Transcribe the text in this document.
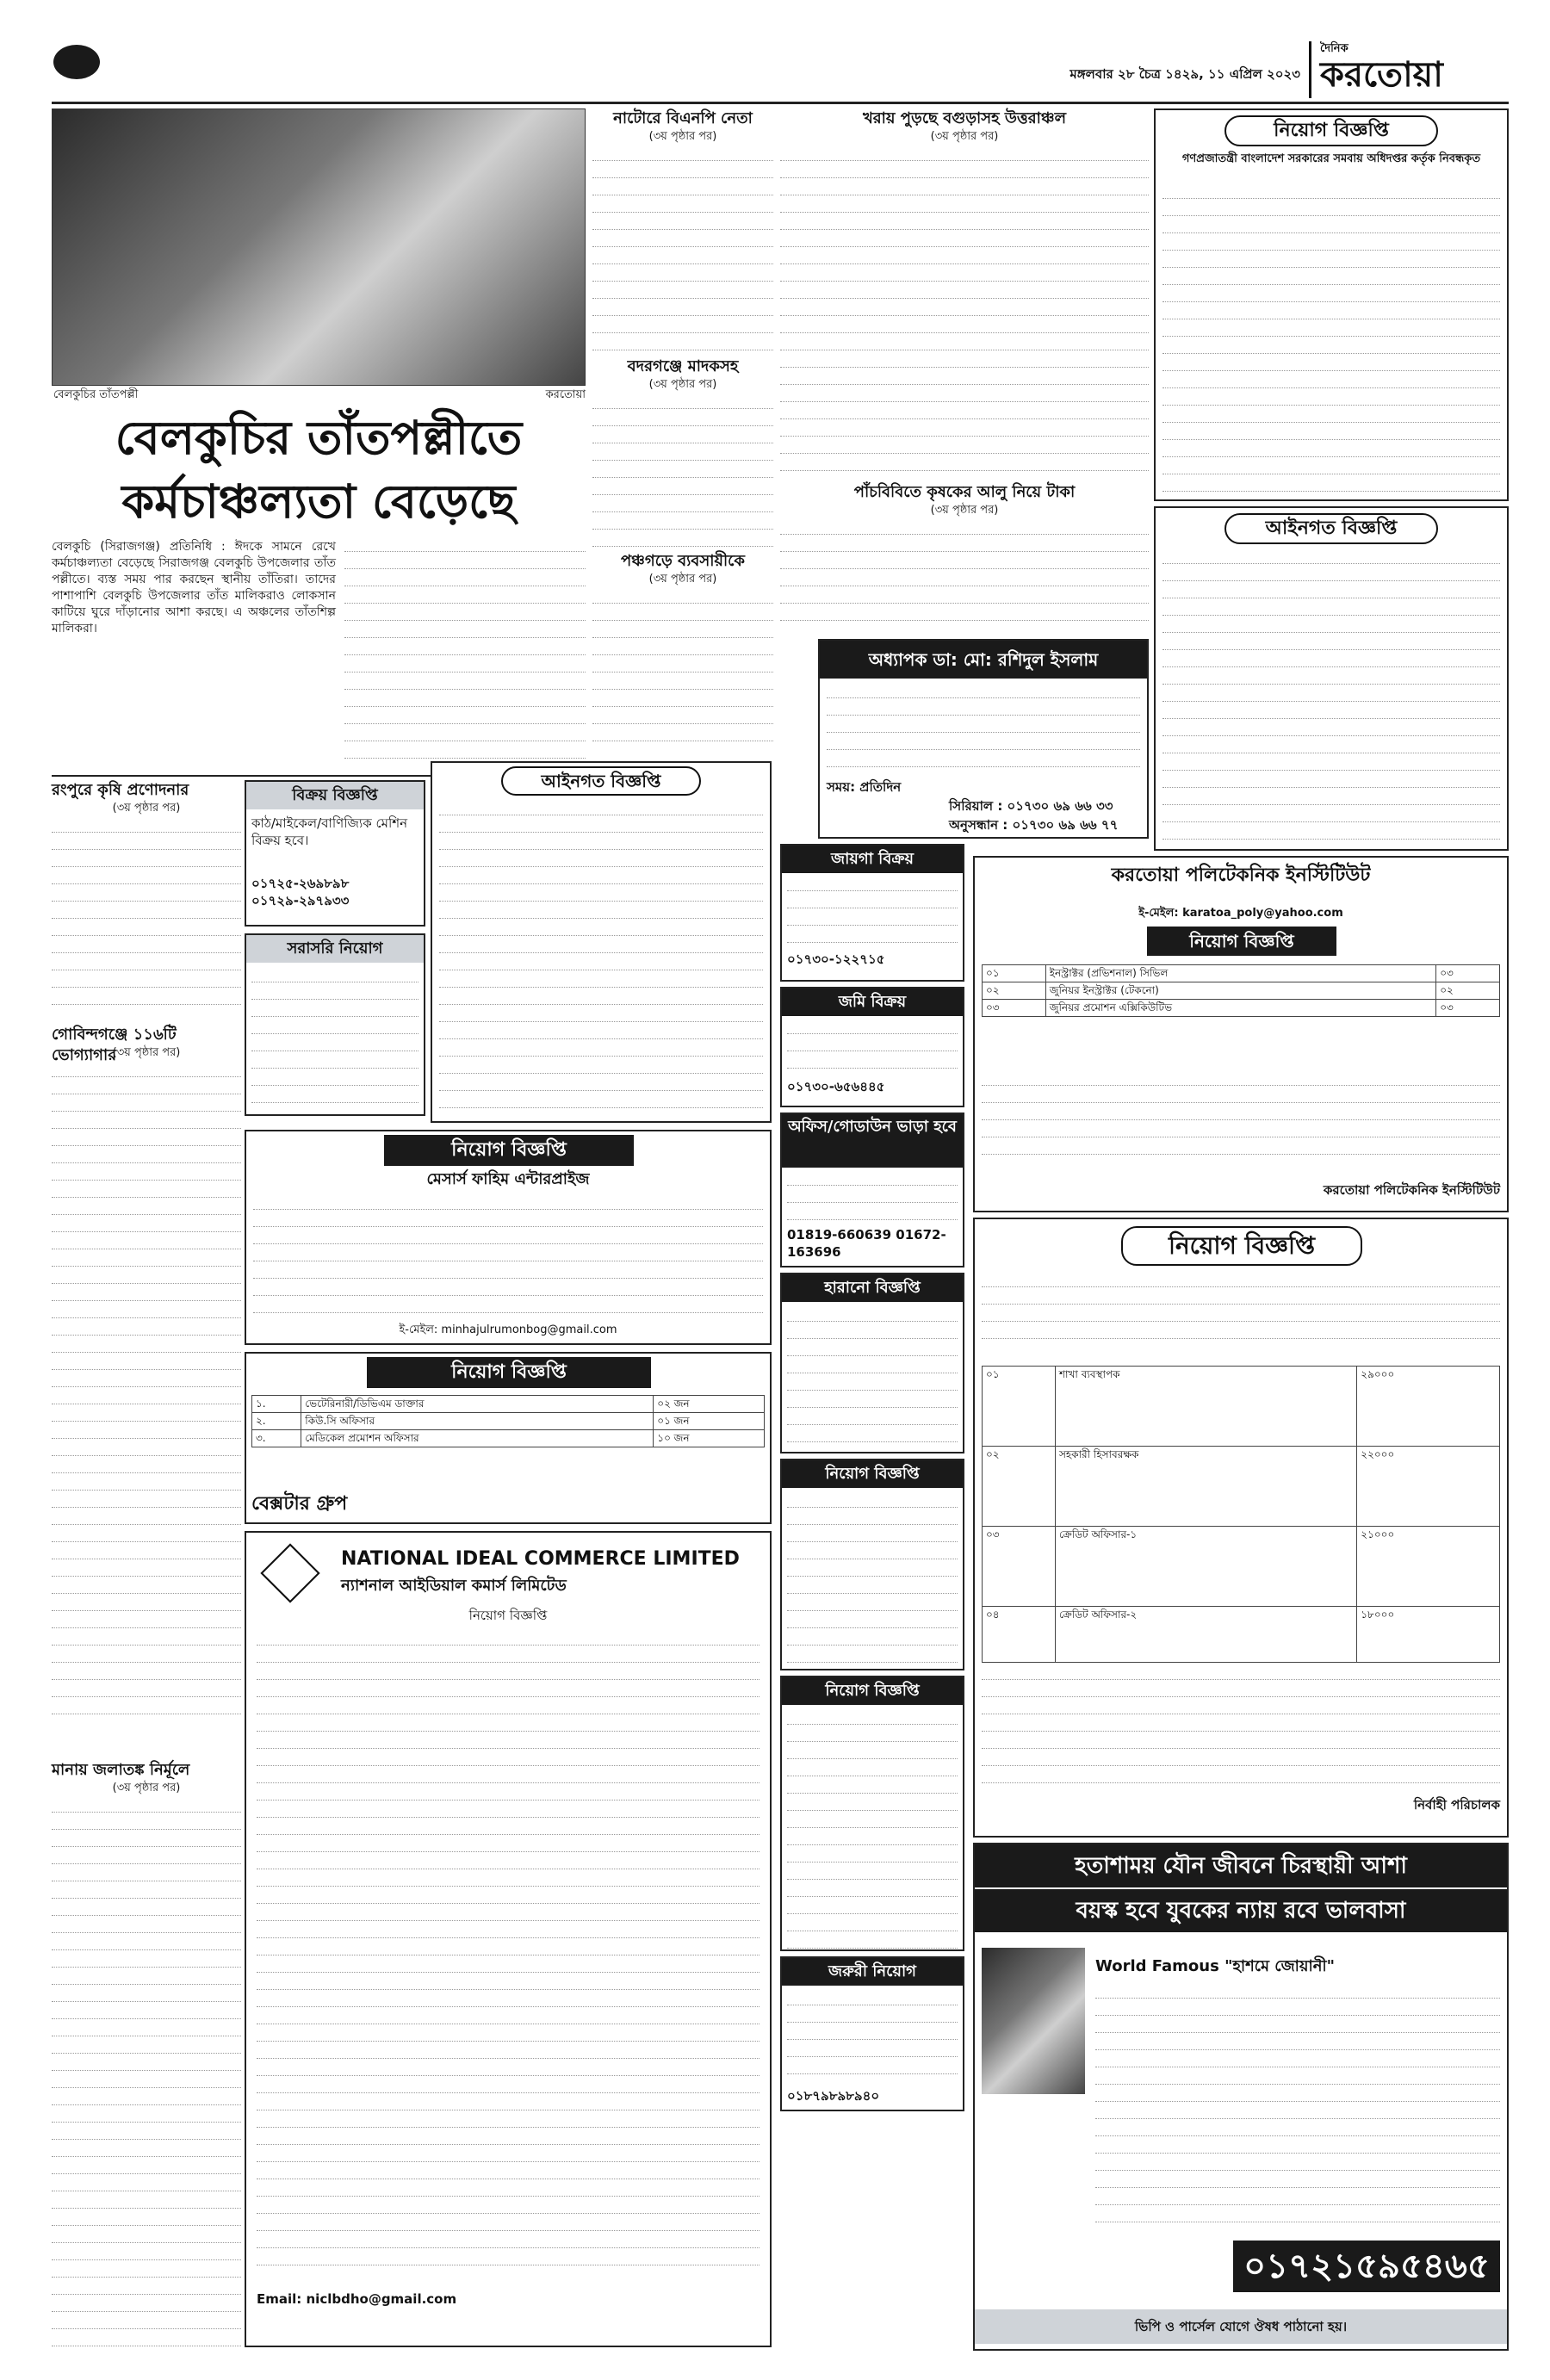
মঙ্গলবার ২৮ চৈত্র ১৪২৯, ১১ এপ্রিল ২০২৩
দৈনিক
করতোয়া
বেলকুচির তাঁতপল্লী	করতোয়া
বেলকুচির তাঁতপল্লীতে
কর্মচাঞ্চল্যতা বেড়েছে
বেলকুচি (সিরাজগঞ্জ) প্রতিনিধি : ঈদকে সামনে রেখে কর্মচাঞ্চল্যতা বেড়েছে সিরাজগঞ্জ বেলকুচি উপজেলার তাঁত পল্লীতে। ব্যস্ত সময় পার করছেন স্থানীয় তাঁতিরা। তাদের পাশাপাশি বেলকুচি উপজেলার তাঁত মালিকরাও লোকসান কাটিয়ে ঘুরে দাঁড়ানোর আশা করছে। এ অঞ্চলের তাঁতশিল্প মালিকরা।
রংপুরে কৃষি প্রণোদনার
(৩য় পৃষ্ঠার পর)
গোবিন্দগঞ্জে ১১৬টি ভোগ্যাগার
(৩য় পৃষ্ঠার পর)
মানায় জলাতঙ্ক নির্মূলে
(৩য় পৃষ্ঠার পর)
নাটোরে বিএনপি নেতা
(৩য় পৃষ্ঠার পর)
বদরগঞ্জে মাদকসহ
(৩য় পৃষ্ঠার পর)
পঞ্চগড়ে ব্যবসায়ীকে
(৩য় পৃষ্ঠার পর)
খরায় পুড়ছে বগুড়াসহ উত্তরাঞ্চল
(৩য় পৃষ্ঠার পর)
পাঁচবিবিতে কৃষকের আলু নিয়ে টাকা
(৩য় পৃষ্ঠার পর)
অধ্যাপক ডা: মো: রশিদুল ইসলাম
সময়: প্রতিদিন
সিরিয়াল : ০১৭৩০ ৬৯ ৬৬ ৩৩
অনুসন্ধান : ০১৭৩০ ৬৯ ৬৬ ৭৭
বিক্রয় বিজ্ঞপ্তি
কাঠ/মাইকেল/বাণিজ্যিক মেশিন বিক্রয় হবে।
০১৭২৫-২৬৯৮৯৮ ০১৭২৯-২৯৭৯৩৩
সরাসরি নিয়োগ
আইনগত বিজ্ঞপ্তি
নিয়োগ বিজ্ঞপ্তি
মেসার্স ফাহিম এন্টারপ্রাইজ
ই-মেইল: minhajulrumonbog@gmail.com
নিয়োগ বিজ্ঞপ্তি
১.	ভেটেরিনারী/ডিভিএম ডাক্তার	০২ জন
২.	কিউ.সি অফিসার	০১ জন
৩.	মেডিকেল প্রমোশন অফিসার	১০ জন
বেক্সটার গ্রুপ
NATIONAL IDEAL COMMERCE LIMITED
ন্যাশনাল আইডিয়াল কমার্স লিমিটেড
নিয়োগ বিজ্ঞপ্তি
Email: niclbdho@gmail.com
জায়গা বিক্রয়
০১৭৩০-১২২৭১৫
জমি বিক্রয়
০১৭৩০-৬৫৬৪৪৫
অফিস/গোডাউন ভাড়া হবে
01819-660639 01672-163696
হারানো বিজ্ঞপ্তি
নিয়োগ বিজ্ঞপ্তি
নিয়োগ বিজ্ঞপ্তি
জরুরী নিয়োগ
০১৮৭৯৮৯৮৯৪০
নিয়োগ বিজ্ঞপ্তি
গণপ্রজাতন্ত্রী বাংলাদেশ সরকারের সমবায় অধিদপ্তর কর্তৃক নিবন্ধকৃত
আইনগত বিজ্ঞপ্তি
করতোয়া পলিটেকনিক ইনস্টিটিউট
ই-মেইল: karatoa_poly@yahoo.com
নিয়োগ বিজ্ঞপ্তি
০১	ইনস্ট্রাক্টর (প্রভিশনাল) সিভিল	০৩
০২	জুনিয়র ইনস্ট্রাক্টর (টেকনো)	০২
০৩	জুনিয়র প্রমোশন এক্সিকিউটিভ	০৩
করতোয়া পলিটেকনিক ইনস্টিটিউট
নিয়োগ বিজ্ঞপ্তি
০১	শাখা ব্যবস্থাপক	২৯০০০
০২	সহকারী হিসাবরক্ষক	২২০০০
০৩	ক্রেডিট অফিসার-১	২১০০০
০৪	ক্রেডিট অফিসার-২	১৮০০০
নির্বাহী পরিচালক
হতাশাময় যৌন জীবনে চিরস্থায়ী আশা
বয়স্ক হবে যুবকের ন্যায় রবে ভালবাসা
World Famous "হাশমে জোয়ানী"
০১৭২১৫৯৫৪৬৫
ভিপি ও পার্সেল যোগে ঔষধ পাঠানো হয়।
